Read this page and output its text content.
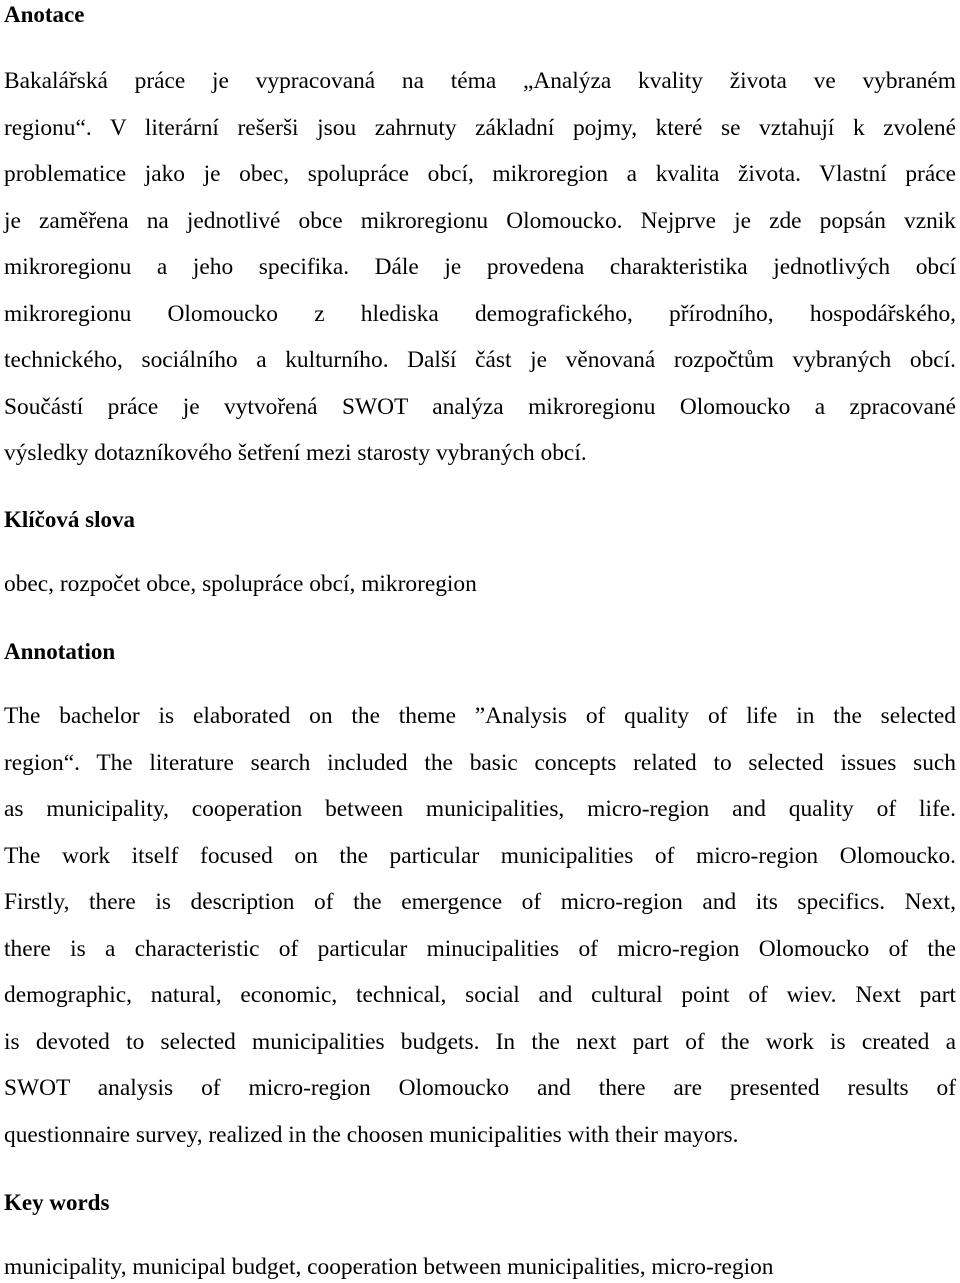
Anotace
Bakalářská práce je vypracovaná na téma „Analýza kvality života ve vybraném
regionu“. V literární rešerši jsou zahrnuty základní pojmy, které se vztahují k zvolené
problematice jako je obec, spolupráce obcí, mikroregion a kvalita života. Vlastní práce
je zaměřena na jednotlivé obce mikroregionu Olomoucko. Nejprve je zde popsán vznik
mikroregionu a jeho specifika. Dále je provedena charakteristika jednotlivých obcí
mikroregionu Olomoucko z hlediska demografického, přírodního, hospodářského,
technického, sociálního a kulturního. Další část je věnovaná rozpočtům vybraných obcí.
Součástí práce je vytvořená SWOT analýza mikroregionu Olomoucko a zpracované
výsledky dotazníkového šetření mezi starosty vybraných obcí.
Klíčová slova

obec, rozpočet obce, spolupráce obcí, mikroregion

Annotation
The bachelor is elaborated on the theme ”Analysis of quality of life in the selected
region“. The literature search included the basic concepts related to selected issues such
as municipality, cooperation between municipalities, micro-region and quality of life.
The work itself focused on the particular municipalities of micro-region Olomoucko.
Firstly, there is description of the emergence of micro-region and its specifics. Next,
there is a characteristic of particular minucipalities of micro-region Olomoucko of the
demographic, natural, economic, technical, social and cultural point of wiev. Next part
is devoted to selected municipalities budgets. In the next part of the work is created a
SWOT analysis of micro-region Olomoucko and there are presented results of
questionnaire survey, realized in the choosen municipalities with their mayors.
Key words

municipality, municipal budget, cooperation between municipalities, micro-region
